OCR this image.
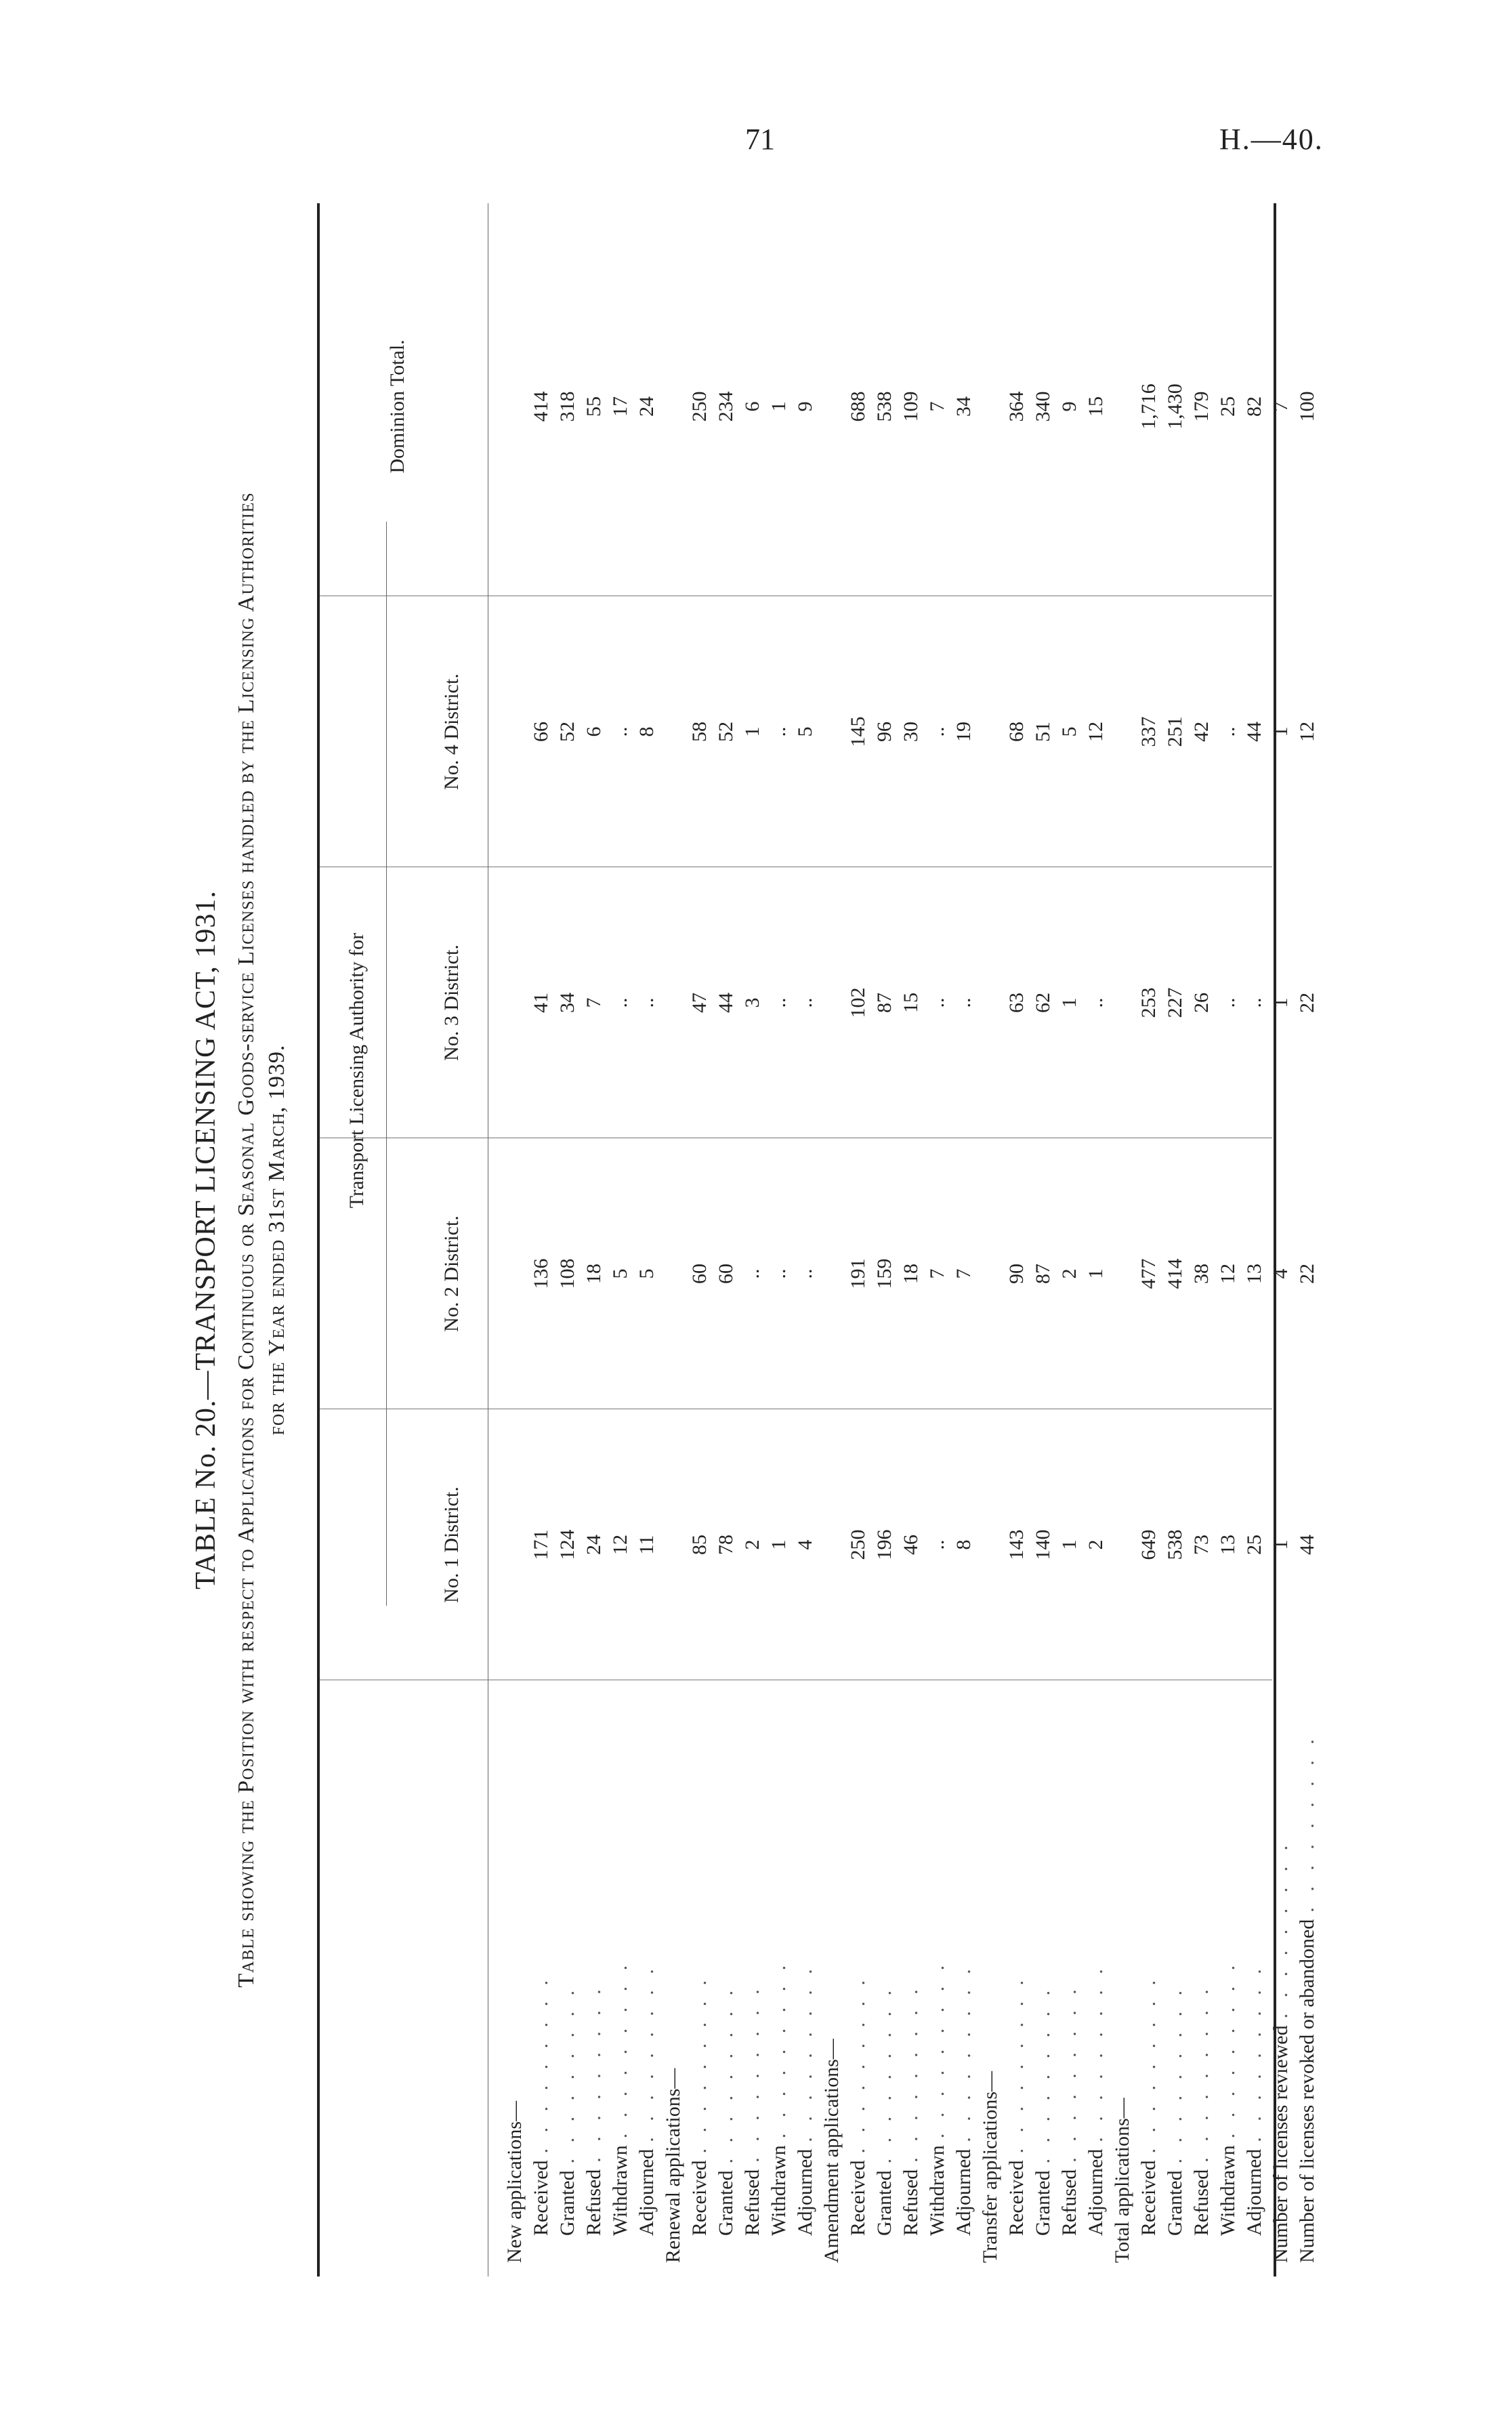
71	H.—40.
TABLE No. 20.—TRANSPORT LICENSING ACT, 1931. Table showing the Position with respect to Applications for Continuous or Seasonal Goods-service Licenses handled by the Licensing Authorities for the Year ended 31st March, 1939.	Transport Licensing Authority for
No. 1 District.
No. 2 District.
No. 3 District.
No. 4 District.
Dominion Total.
New applications— Received. . . . . . . . .
Granted. . . . . . . . .
Refused. . . . . . . . .
Withdrawn. . . . . . . . .
Adjourned. . . . . . . . .
Renewal applications— Received. . . . . . . . .
Granted. . . . . . . . .
Refused. . . . . . . . .
Withdrawn. . . . . . . . .
Adjourned. . . . . . . . . Amendment applications— Received. . . . . . . . .
Granted. . . . . . . . .
Refused. . . . . . . . .
Withdrawn. . . . . . . . .
Adjourned. . . . . . . . .
Transfer applications— Received. . . . . . . . .
Granted. . . . . . . . .
Refused. . . . . . . . .
Adjourned. . . . . . . . .
Total applications— Received. . . . . . . . .
Granted. . . . . . . . .
Refused. . . . . . . . .
Withdrawn. . . . . . . . .
Adjourned. . . . . . . . . Number of licenses reviewed. . . . . . . . . Number of licenses revoked or abandoned. . . . . . . . .
171 124 24 12 11 85 78 2 1 4 250 196 46 .. 8 143 140 1 2 649 538 73 13 25 1 44
136 108 18 5 5 60 60 .. .. .. 191 159 18 7 7 90 87 2 1 477 414 38 12 13 4 22
41 34 7 .. .. 47 44 3 .. .. 102 87 15 .. .. 63 62 1 .. 253 227 26 .. .. 1 22
66 52 6 .. 8 58 52 1 .. 5 145 96 30 .. 19 68 51 5 12 337 251 42 .. 44 1 12
414 318 55 17 24 250 234 6 1 9 688 538 109 7 34 364 340 9 15 1,716 1,430 179 25 82 7 100
